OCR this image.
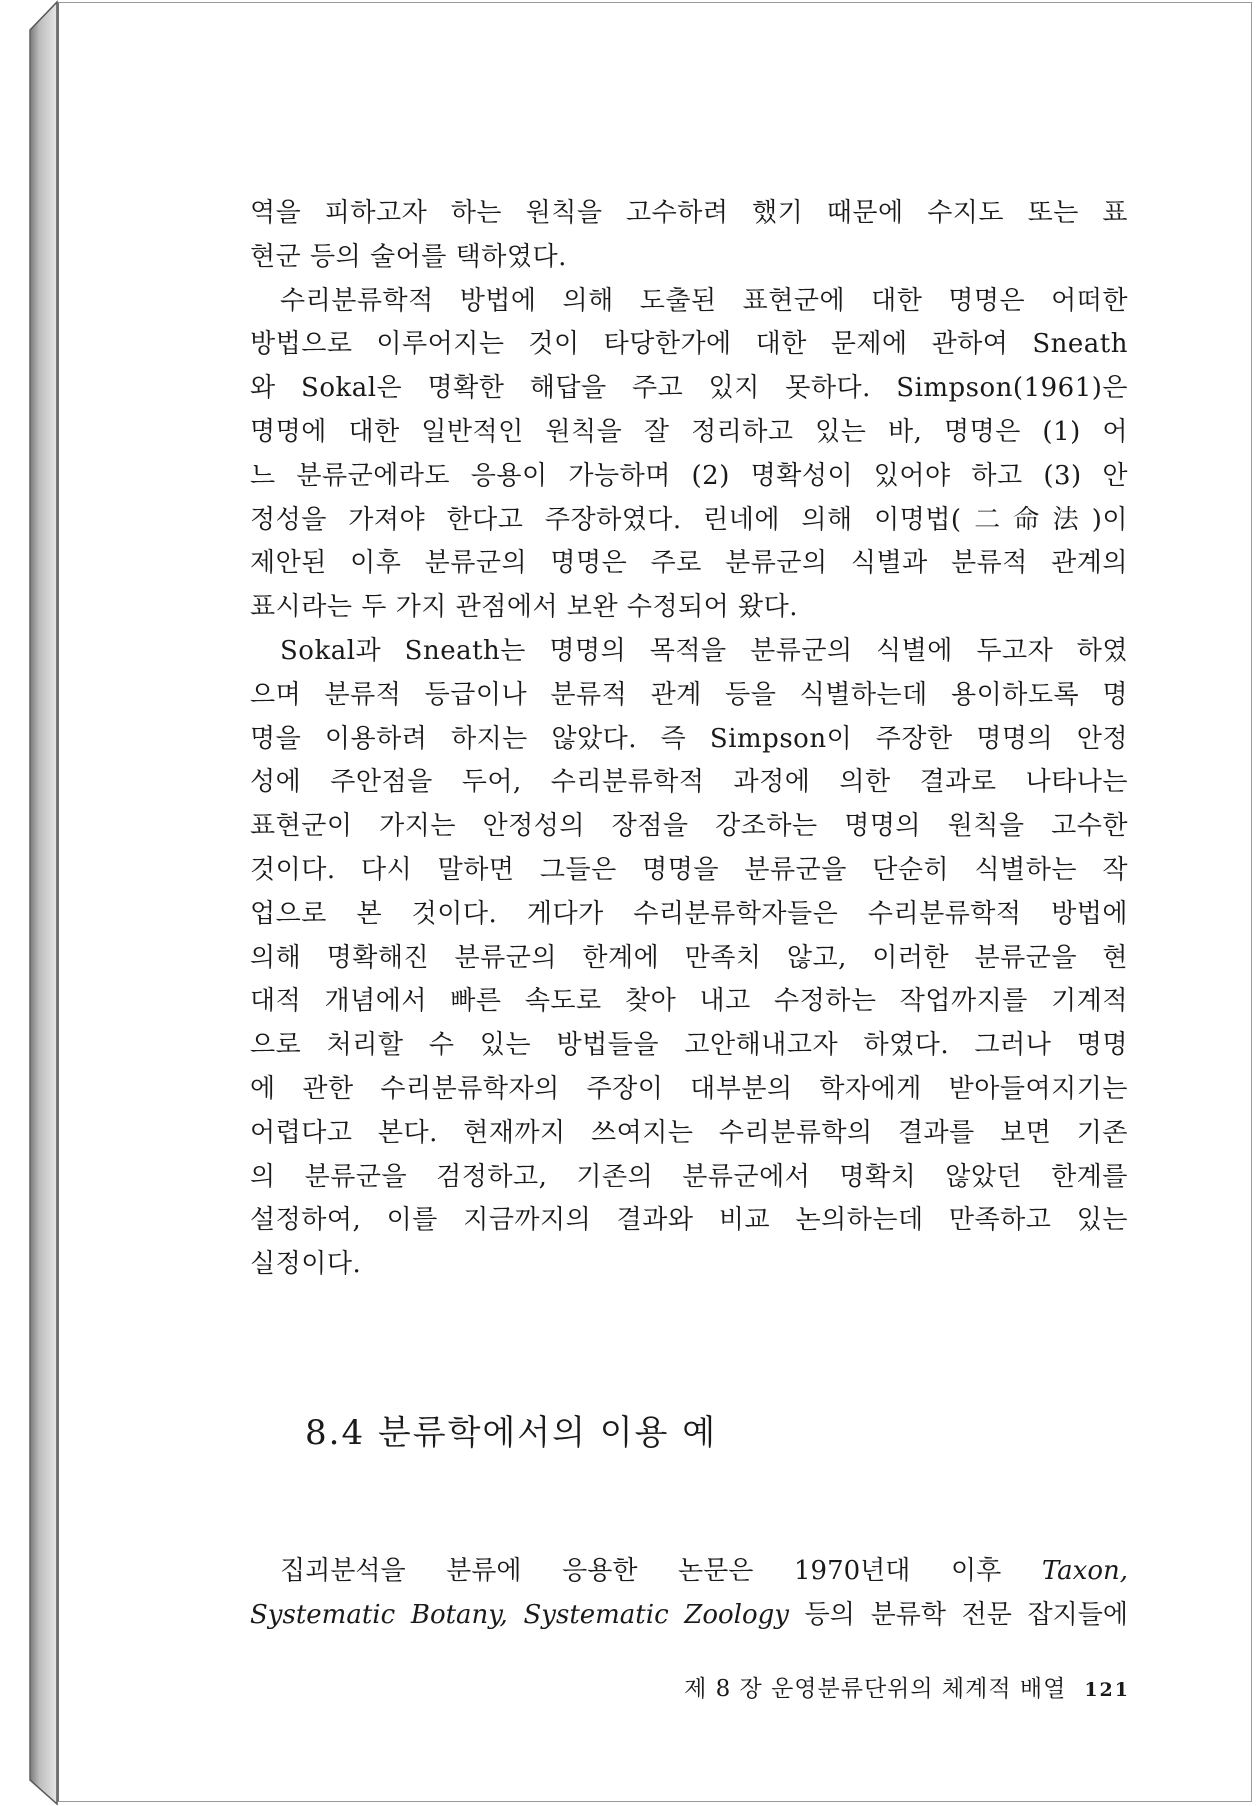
역을 피하고자 하는 원칙을 고수하려 했기 때문에 수지도 또는 표
현군 등의 술어를 택하였다.
수리분류학적 방법에 의해 도출된 표현군에 대한 명명은 어떠한
방법으로 이루어지는 것이 타당한가에 대한 문제에 관하여 Sneath
와 Sokal은 명확한 해답을 주고 있지 못하다. Simpson(1961)은
명명에 대한 일반적인 원칙을 잘 정리하고 있는 바, 명명은 (1) 어
느 분류군에라도 응용이 가능하며 (2) 명확성이 있어야 하고 (3) 안
정성을 가져야 한다고 주장하였다. 린네에 의해 이명법(二命法)이
제안된 이후 분류군의 명명은 주로 분류군의 식별과 분류적 관계의
표시라는 두 가지 관점에서 보완 수정되어 왔다.
Sokal과 Sneath는 명명의 목적을 분류군의 식별에 두고자 하였
으며 분류적 등급이나 분류적 관계 등을 식별하는데 용이하도록 명
명을 이용하려 하지는 않았다. 즉 Simpson이 주장한 명명의 안정
성에 주안점을 두어, 수리분류학적 과정에 의한 결과로 나타나는
표현군이 가지는 안정성의 장점을 강조하는 명명의 원칙을 고수한
것이다. 다시 말하면 그들은 명명을 분류군을 단순히 식별하는 작
업으로 본 것이다. 게다가 수리분류학자들은 수리분류학적 방법에
의해 명확해진 분류군의 한계에 만족치 않고, 이러한 분류군을 현
대적 개념에서 빠른 속도로 찾아 내고 수정하는 작업까지를 기계적
으로 처리할 수 있는 방법들을 고안해내고자 하였다. 그러나 명명
에 관한 수리분류학자의 주장이 대부분의 학자에게 받아들여지기는
어렵다고 본다. 현재까지 쓰여지는 수리분류학의 결과를 보면 기존
의 분류군을 검정하고, 기존의 분류군에서 명확치 않았던 한계를
설정하여, 이를 지금까지의 결과와 비교 논의하는데 만족하고 있는
실정이다.
8.4 분류학에서의 이용 예
집괴분석을 분류에 응용한 논문은 1970년대 이후 Taxon,
Systematic Botany, Systematic Zoology 등의 분류학 전문 잡지들에
제 8 장 운영분류단위의 체계적 배열 121
